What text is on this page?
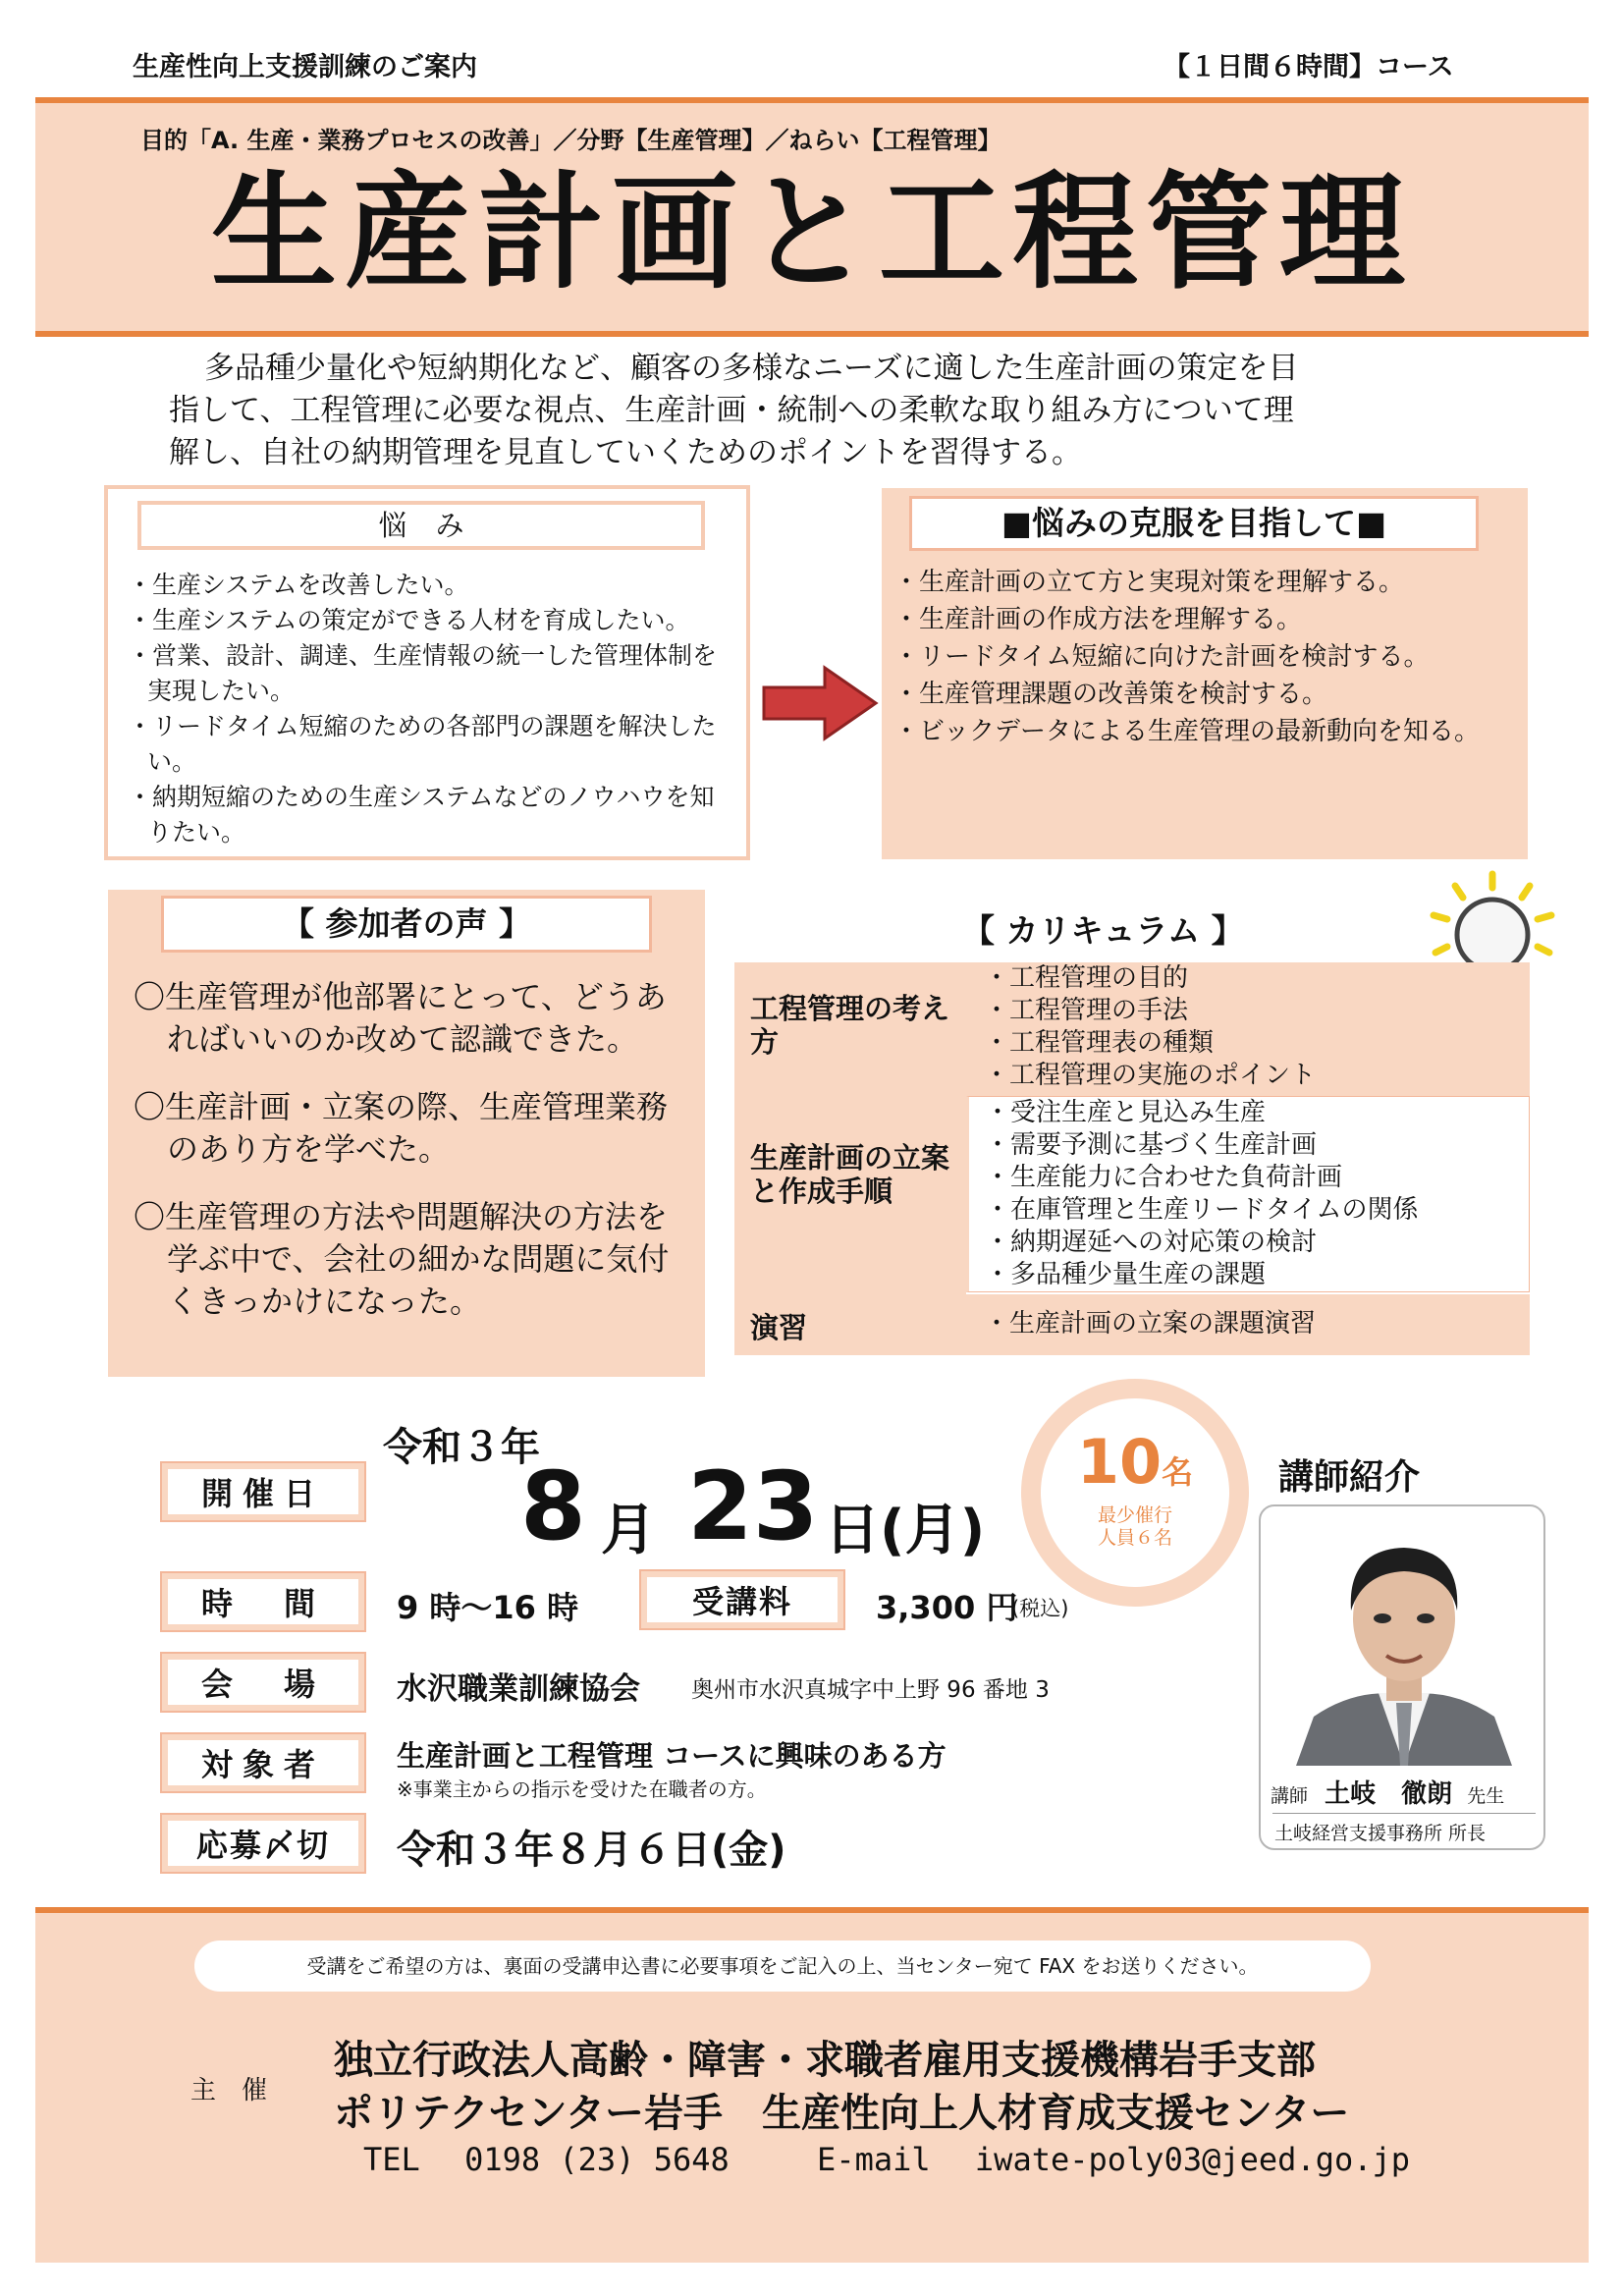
生産性向上支援訓練のご案内	【１日間６時間】コース
目的「A. 生産・業務プロセスの改善」／分野【生産管理】／ねらい【工程管理】
生産計画と工程管理
多品種少量化や短納期化など、顧客の多様なニーズに適した生産計画の策定を目
指して、工程管理に必要な視点、生産計画・統制への柔軟な取り組み方について理
解し、自社の納期管理を見直していくためのポイントを習得する。
悩　み
・生産システムを改善したい。
・生産システムの策定ができる人材を育成したい。
・営業、設計、調達、生産情報の統一した管理体制を実現したい。
・リードタイム短縮のための各部門の課題を解決したい。
・納期短縮のための生産システムなどのノウハウを知りたい。
■悩みの克服を目指して■
・生産計画の立て方と実現対策を理解する。
・生産計画の作成方法を理解する。
・リードタイム短縮に向けた計画を検討する。
・生産管理課題の改善策を検討する。
・ビックデータによる生産管理の最新動向を知る。
【 参加者の声 】

〇生産管理が他部署にとって、どうあればいいのか改めて認識できた。

〇生産計画・立案の際、生産管理業務のあり方を学べた。

〇生産管理の方法や問題解決の方法を学ぶ中で、会社の細かな問題に気付くきっかけになった。

【 カリキュラム 】
工程管理の考え方
・工程管理の目的
・工程管理の手法
・工程管理表の種類
・工程管理の実施のポイント
生産計画の立案と作成手順
・受注生産と見込み生産
・需要予測に基づく生産計画
・生産能力に合わせた負荷計画
・在庫管理と生産リードタイムの関係
・納期遅延への対応策の検討
・多品種少量生産の課題
演習	・生産計画の立案の課題演習
開催日
令和３年
8 月 23 日(月)
10名
最少催行
人員６名
時　間	9 時～16 時	受講料	3,300 円
(税込)
会　場	水沢職業訓練協会 奥州市水沢真城字中上野 96 番地 3
対象者	生産計画と工程管理 コースに興味のある方
※事業主からの指示を受けた在職者の方。
応募〆切	令和３年８月６日(金)
講師紹介
講師 土岐　徹朗 先生
土岐経営支援事務所 所長
受講をご希望の方は、裏面の受講申込書に必要事項をご記入の上、当センター宛て FAX をお送りください。
主　催
独立行政法人高齢・障害・求職者雇用支援機構岩手支部
ポリテクセンター岩手　生産性向上人材育成支援センター
TEL 0198 (23) 5648	E-mail iwate-poly03@jeed.go.jp
